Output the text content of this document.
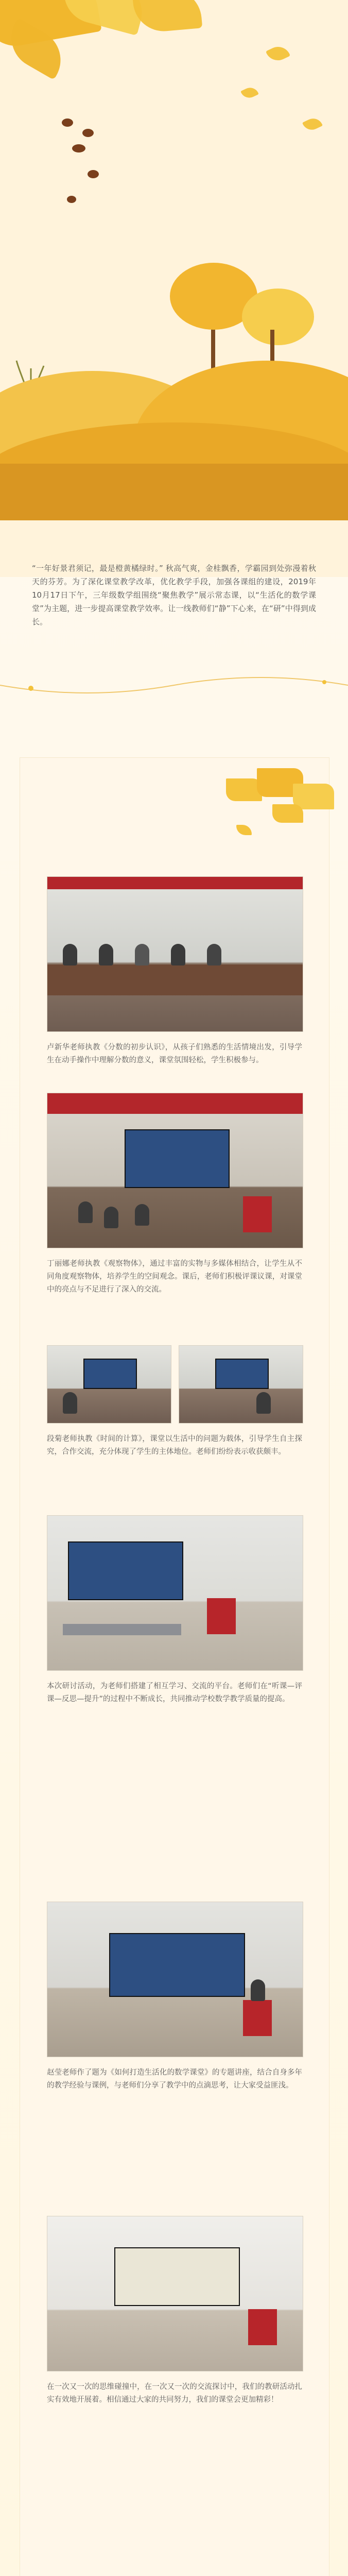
“一年好景君须记，最是橙黄橘绿时。” 秋高气爽，金桂飘香，学霸园到处弥漫着秋天的芬芳。为了深化课堂教学改革，优化教学手段，加强各课组的建设，2019年10月17日下午，三年级数学组围绕“聚焦教学”展示常态课，以“生活化的数学课堂”为主题，进一步提高课堂教学效率。让一线教师们“静”下心来，在“研”中得到成长。
卢新华老师执教《分数的初步认识》，从孩子们熟悉的生活情境出发，引导学生在动手操作中理解分数的意义，课堂氛围轻松，学生积极参与。
丁丽娜老师执教《观察物体》，通过丰富的实物与多媒体相结合，让学生从不同角度观察物体，培养学生的空间观念。课后，老师们积极评课议课，对课堂中的亮点与不足进行了深入的交流。
段菊老师执教《时间的计算》，课堂以生活中的问题为载体，引导学生自主探究，合作交流，充分体现了学生的主体地位。老师们纷纷表示收获颇丰。
本次研讨活动，为老师们搭建了相互学习、交流的平台。老师们在“听课—评课—反思—提升”的过程中不断成长，共同推动学校数学教学质量的提高。
赵莹老师作了题为《如何打造生活化的数学课堂》的专题讲座，结合自身多年的教学经验与课例，与老师们分享了教学中的点滴思考，让大家受益匪浅。
在一次又一次的思维碰撞中，在一次又一次的交流探讨中，我们的教研活动扎实有效地开展着。相信通过大家的共同努力，我们的课堂会更加精彩！
